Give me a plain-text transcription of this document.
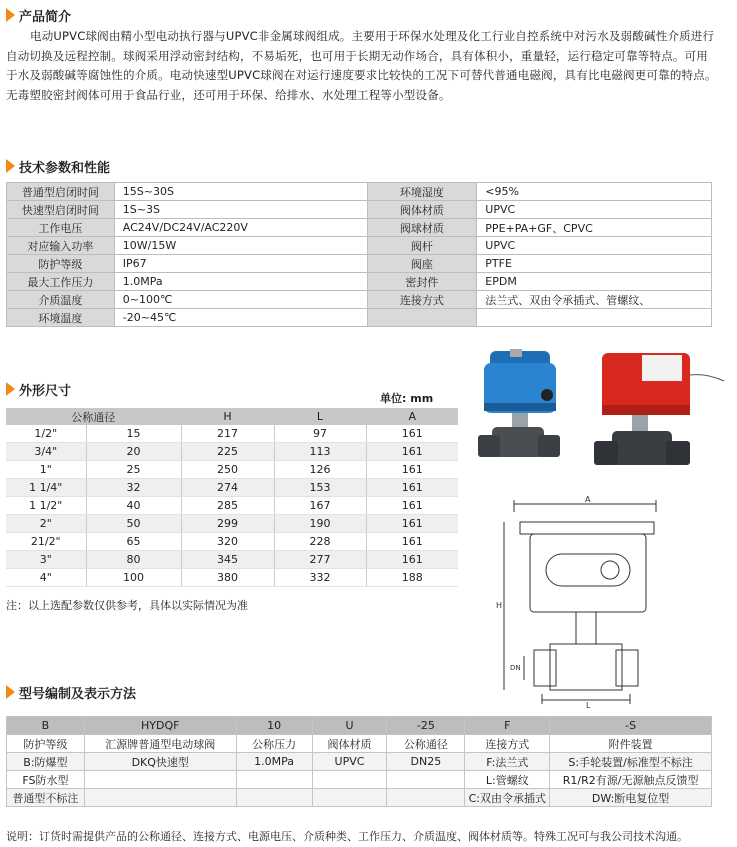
产品简介
电动UPVC球阀由精小型电动执行器与UPVC非金属球阀组成。主要用于环保水处理及化工行业自控系统中对污水及弱酸碱性介质进行自动切换及远程控制。球阀采用浮动密封结构，不易垢死，也可用于长期无动作场合，具有体积小，重量轻，运行稳定可靠等特点。可用于水及弱酸碱等腐蚀性的介质。电动快速型UPVC球阀在对运行速度要求比较快的工况下可替代普通电磁阀，具有比电磁阀更可靠的特点。无毒塑胶密封阀体可用于食品行业，还可用于环保、给排水、水处理工程等小型设备。
技术参数和性能
普通型启闭时间	15S~30S	环境湿度	<95%
快速型启闭时间	1S~3S	阀体材质	UPVC
工作电压	AC24V/DC24V/AC220V	阀球材质	PPE+PA+GF、CPVC
对应输入功率	10W/15W	阀杆	UPVC
防护等级	IP67	阀座	PTFE
最大工作压力	1.0MPa	密封件	EPDM
介质温度	0~100℃	连接方式	法兰式、双由令承插式、管螺纹、
环境温度	-20~45℃		
外形尺寸	单位: mm
公称通径		H	L	A
1/2"	15	217	97	161
3/4"	20	225	113	161
1"	25	250	126	161
1 1/4"	32	274	153	161
1 1/2"	40	285	167	161
2"	50	299	190	161
21/2"	65	320	228	161
3"	80	345	277	161
4"	100	380	332	188
注：以上选配参数仅供参考，具体以实际情况为准
A
H
DN
L
型号编制及表示方法
B	HYDQF	10	U	-25	F	-S
防护等级	汇源牌普通型电动球阀	公称压力	阀体材质	公称通径	连接方式	附件装置
B:防爆型	DKQ快速型	1.0MPa	UPVC	DN25	F:法兰式	S:手轮装置/标准型不标注
FS防水型					L:管螺纹	R1/R2有源/无源触点反馈型
普通型不标注					C:双由令承插式	DW:断电复位型
说明：订货时需提供产品的公称通径、连接方式、电源电压、介质种类、工作压力、介质温度、阀体材质等。特殊工况可与我公司技术沟通。
